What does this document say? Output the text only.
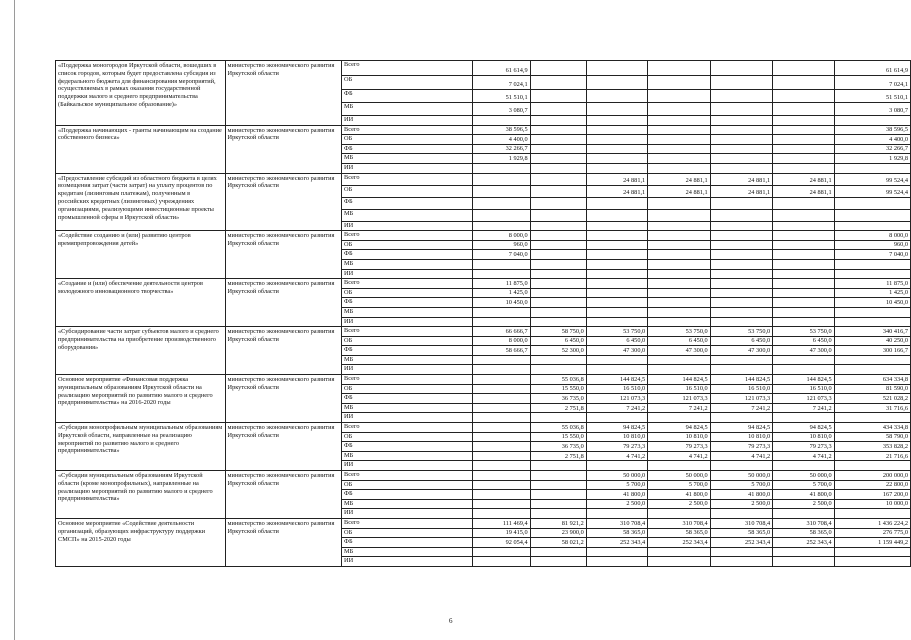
«Поддержка моногородов Иркутской области, вошедших в список городов, которым будет предоставлена субсидия из федерального бюджета для финансирования мероприятий, осуществляемых в рамках оказания государственной поддержки малого и среднего предпринимательства (Байкальское муниципальное образование)»	министерство экономического развития Иркутской области	Всего	61 614,9						61 614,9
		ОБ	7 024,1						7 024,1
		ФБ	51 510,1						51 510,1
		МБ	3 080,7						3 080,7
		ИИ							
«Поддержка начинающих - гранты начинающим на создание собственного бизнеса»	министерство экономического развития Иркутской области	Всего	38 596,5						38 596,5
		ОБ	4 400,0						4 400,0
		ФБ	32 266,7						32 266,7
		МБ	1 929,8						1 929,8
		ИИ							
«Предоставление субсидий из областного бюджета в целях возмещения затрат (части затрат) на уплату процентов по кредитам (лизинговым платежам), полученным в российских кредитных (лизинговых) учреждениях организациями, реализующими инвестиционные проекты промышленной сферы в Иркутской области»	министерство экономического развития Иркутской области	Всего			24 881,1	24 881,1	24 881,1	24 881,1	99 524,4
		ОБ			24 881,1	24 881,1	24 881,1	24 881,1	99 524,4
		ФБ							
		МБ							
		ИИ							
«Содействие созданию и (или) развитию центров времяпрепровождения детей»	министерство экономического развития Иркутской области	Всего	8 000,0						8 000,0
		ОБ	960,0						960,0
		ФБ	7 040,0						7 040,0
		МБ							
		ИИ							
«Создание и (или) обеспечение деятельности центров молодежного инновационного творчества»	министерство экономического развития Иркутской области	Всего	11 875,0						11 875,0
		ОБ	1 425,0						1 425,0
		ФБ	10 450,0						10 450,0
		МБ							
		ИИ							
«Субсидирование части затрат субъектов малого и среднего предпринимательства на приобретение производственного оборудования»	министерство экономического развития Иркутской области	Всего	66 666,7	58 750,0	53 750,0	53 750,0	53 750,0	53 750,0	340 416,7
		ОБ	8 000,0	6 450,0	6 450,0	6 450,0	6 450,0	6 450,0	40 250,0
		ФБ	58 666,7	52 300,0	47 300,0	47 300,0	47 300,0	47 300,0	300 166,7
		МБ							
		ИИ							
Основное мероприятие «Финансовая поддержка муниципальным образованиям Иркутской области на реализацию мероприятий по развитию малого и среднего предпринимательства» на 2016-2020 годы	министерство экономического развития Иркутской области	Всего		55 036,8	144 824,5	144 824,5	144 824,5	144 824,5	634 334,8
		ОБ		15 550,0	16 510,0	16 510,0	16 510,0	16 510,0	81 590,0
		ФБ		36 735,0	121 073,3	121 073,3	121 073,3	121 073,3	521 028,2
		МБ		2 751,8	7 241,2	7 241,2	7 241,2	7 241,2	31 716,6
		ИИ							
«Субсидии монопрофильным муниципальным образованиям Иркутской области, направленные на реализацию мероприятий по развитию малого и среднего предпринимательства»	министерство экономического развития Иркутской области	Всего		55 036,8	94 824,5	94 824,5	94 824,5	94 824,5	434 334,8
		ОБ		15 550,0	10 810,0	10 810,0	10 810,0	10 810,0	58 790,0
		ФБ		36 735,0	79 273,3	79 273,3	79 273,3	79 273,3	353 828,2
		МБ		2 751,8	4 741,2	4 741,2	4 741,2	4 741,2	21 716,6
		ИИ							
«Субсидии муниципальным образованиям Иркутской области (кроме монопрофильных), направленные на реализацию мероприятий по развитию малого и среднего предпринимательства»	министерство экономического развития Иркутской области	Всего			50 000,0	50 000,0	50 000,0	50 000,0	200 000,0
		ОБ			5 700,0	5 700,0	5 700,0	5 700,0	22 800,0
		ФБ			41 800,0	41 800,0	41 800,0	41 800,0	167 200,0
		МБ			2 500,0	2 500,0	2 500,0	2 500,0	10 000,0
		ИИ							
Основное мероприятие «Содействие деятельности организаций, образующих инфраструктуру поддержки СМСП» на 2015-2020 годы	министерство экономического развития Иркутской области	Всего	111 469,4	81 921,2	310 708,4	310 708,4	310 708,4	310 708,4	1 436 224,2
		ОБ	19 415,0	23 900,0	58 365,0	58 365,0	58 365,0	58 365,0	276 775,0
		ФБ	92 054,4	58 021,2	252 343,4	252 343,4	252 343,4	252 343,4	1 159 449,2
		МБ							
		ИИ							
6
